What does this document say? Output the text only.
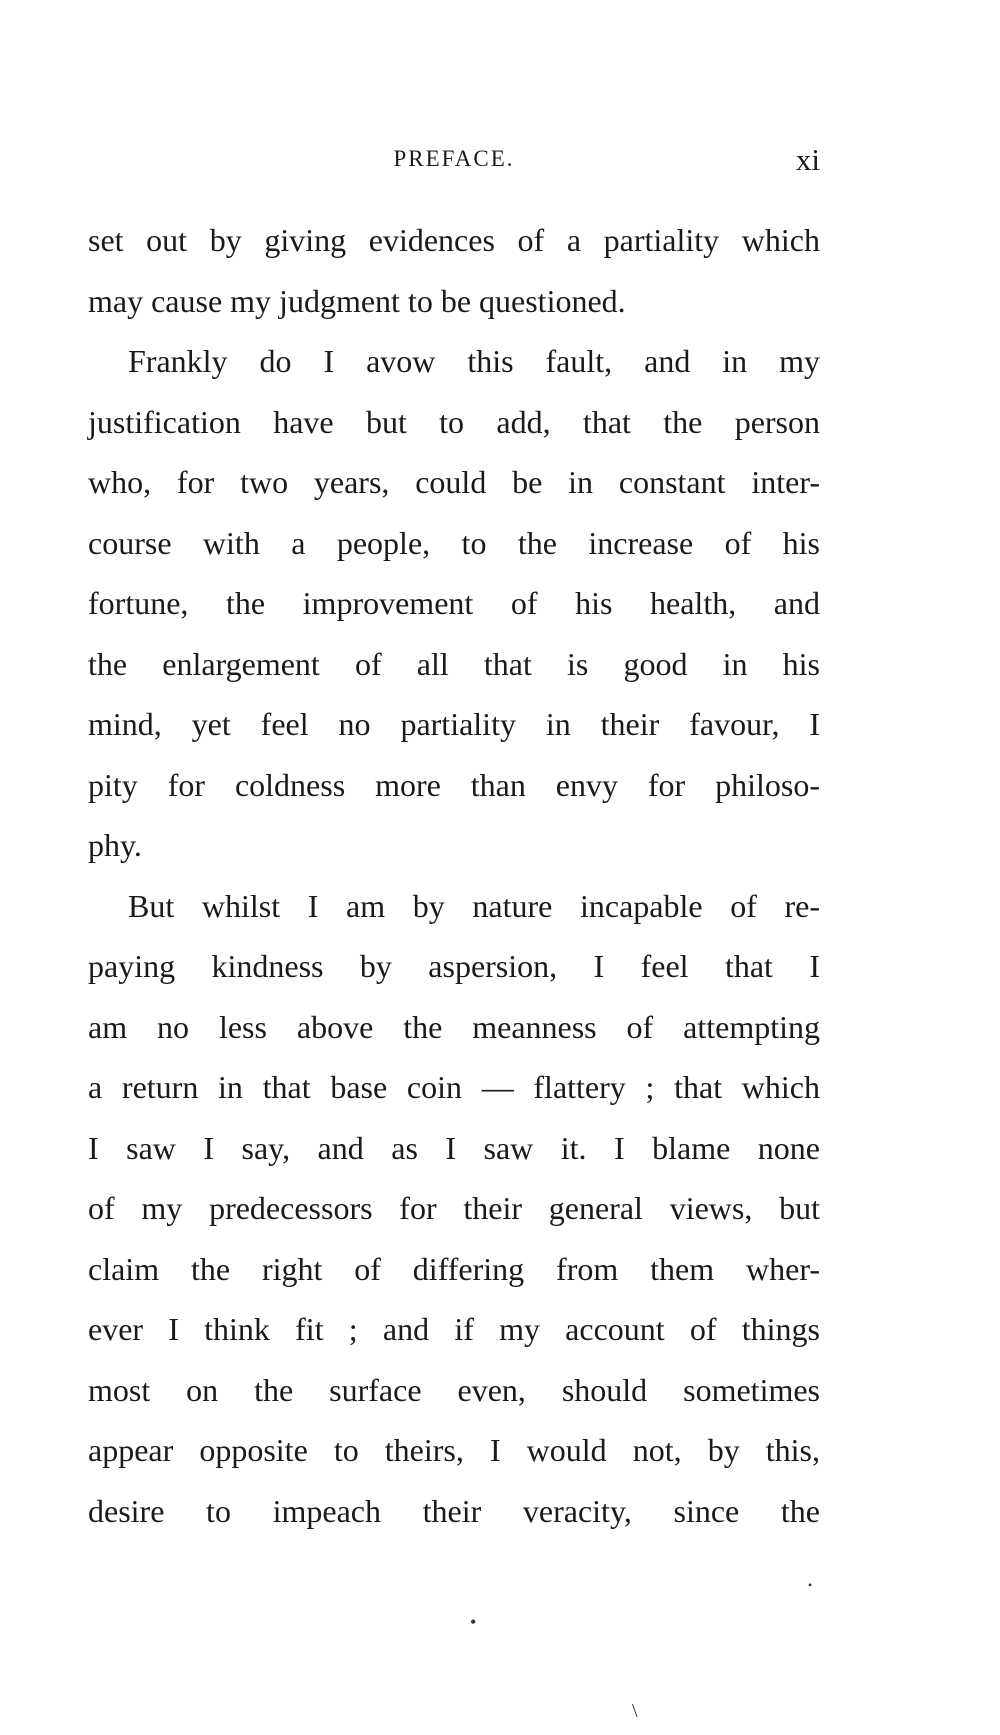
PREFACE.	xi
set out by giving evidences of a partiality which
may cause my judgment to be questioned.
Frankly do I avow this fault, and in my
justification have but to add, that the person
who, for two years, could be in constant inter-
course with a people, to the increase of his
fortune, the improvement of his health, and
the enlargement of all that is good in his
mind, yet feel no partiality in their favour, I
pity for coldness more than envy for philoso-
phy.
But whilst I am by nature incapable of re-
paying kindness by aspersion, I feel that I
am no less above the meanness of attempting
a return in that base coin — flattery ; that which
I saw I say, and as I saw it. I blame none
of my predecessors for their general views, but
claim the right of differing from them wher-
ever I think fit ; and if my account of things
most on the surface even, should sometimes
appear opposite to theirs, I would not, by this,
desire to impeach their veracity, since the
•
\
•
